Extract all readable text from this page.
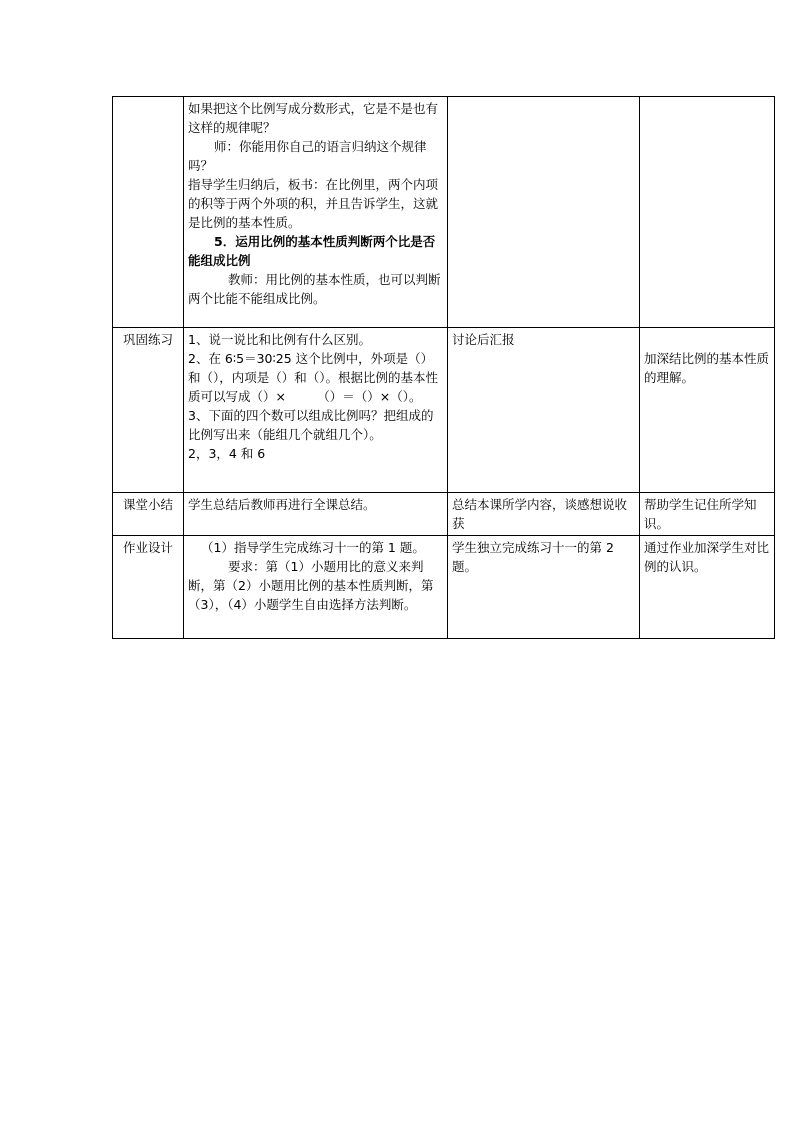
	如果把这个比例写成分数形式，它是不是也有这样的规律呢？

师：你能用你自己的语言归纳这个规律吗？

指导学生归纳后，板书：在比例里，两个内项的积等于两个外项的积，并且告诉学生，这就是比例的基本性质。

5．运用比例的基本性质判断两个比是否能组成比例

教师：用比例的基本性质，也可以判断两个比能不能组成比例。		

巩固练习	1、说一说比和比例有什么区别。

2、在 6∶5＝30∶25 这个比例中，外项是（）和（），内项是（）和（）。根据比例的基本性质可以写成（）×　　　（）＝（）×（）。

3、下面的四个数可以组成比例吗？把组成的比例写出来（能组几个就组几个）。

2，3，4 和 6	讨论后汇报	加深结比例的基本性质的理解。

课堂小结	学生总结后教师再进行全课总结。	总结本课所学内容，谈感想说收获	帮助学生记住所学知识。
作业设计	（1）指导学生完成练习十一的第 1 题。

要求：第（1）小题用比的意义来判断，第（2）小题用比例的基本性质判断，第（3），（4）小题学生自由选择方法判断。	学生独立完成练习十一的第 2 题。	通过作业加深学生对比例的认识。
